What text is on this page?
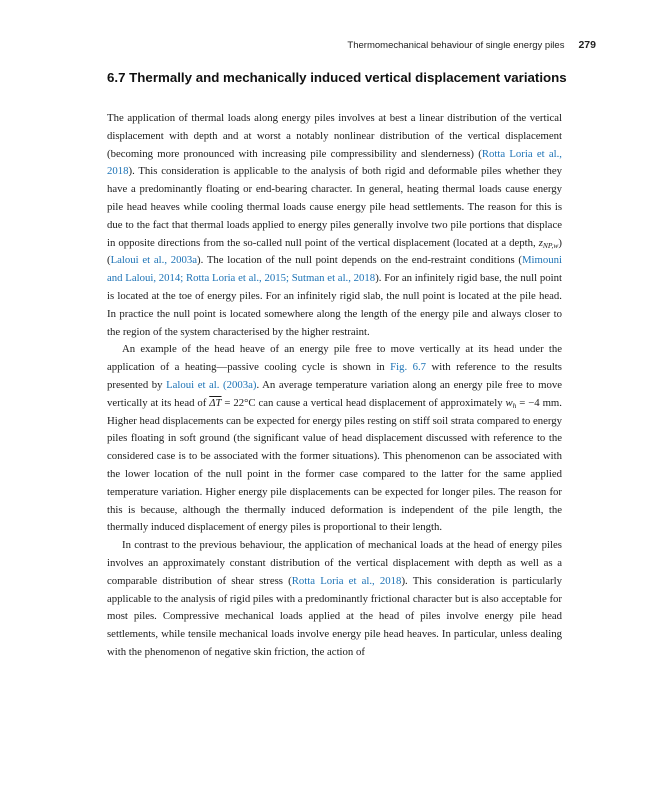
Thermomechanical behaviour of single energy piles 279
6.7 Thermally and mechanically induced vertical displacement variations

The application of thermal loads along energy piles involves at best a linear distribution of the vertical displacement with depth and at worst a notably nonlinear distribution of the vertical displacement (becoming more pronounced with increasing pile compressibility and slenderness) (Rotta Loria et al., 2018). This consideration is applicable to the analysis of both rigid and deformable piles whether they have a predominantly floating or end-bearing character. In general, heating thermal loads cause energy pile head heaves while cooling thermal loads cause energy pile head settlements. The reason for this is due to the fact that thermal loads applied to energy piles generally involve two pile portions that displace in opposite directions from the so-called null point of the vertical displacement (located at a depth, $z_{NP,w}$) (Laloui et al., 2003a). The location of the null point depends on the end-restraint conditions (Mimouni and Laloui, 2014; Rotta Loria et al., 2015; Sutman et al., 2018). For an infinitely rigid base, the null point is located at the toe of energy piles. For an infinitely rigid slab, the null point is located at the pile head. In practice the null point is located somewhere along the length of the energy pile and always closer to the region of the system characterised by the higher restraint.

An example of the head heave of an energy pile free to move vertically at its head under the application of a heating—passive cooling cycle is shown in Fig. 6.7 with reference to the results presented by Laloui et al. (2003a). An average temperature variation along an energy pile free to move vertically at its head of $\overline{\Delta T} = 22^\circ C$ can cause a vertical head displacement of approximately $w_h = -4$ mm. Higher head displacements can be expected for energy piles resting on stiff soil strata compared to energy piles floating in soft ground (the significant value of head displacement discussed with reference to the considered case is to be associated with the former situations). This phenomenon can be associated with the lower location of the null point in the former case compared to the latter for the same applied temperature variation. Higher energy pile displacements can be expected for longer piles. The reason for this is because, although the thermally induced deformation is independent of the pile length, the thermally induced displacement of energy piles is proportional to their length.

In contrast to the previous behaviour, the application of mechanical loads at the head of energy piles involves an approximately constant distribution of the vertical displacement with depth as well as a comparable distribution of shear stress (Rotta Loria et al., 2018). This consideration is particularly applicable to the analysis of rigid piles with a predominantly frictional character but is also acceptable for most piles. Compressive mechanical loads applied at the head of piles involve energy pile head settlements, while tensile mechanical loads involve energy pile head heaves. In particular, unless dealing with the phenomenon of negative skin friction, the action of
